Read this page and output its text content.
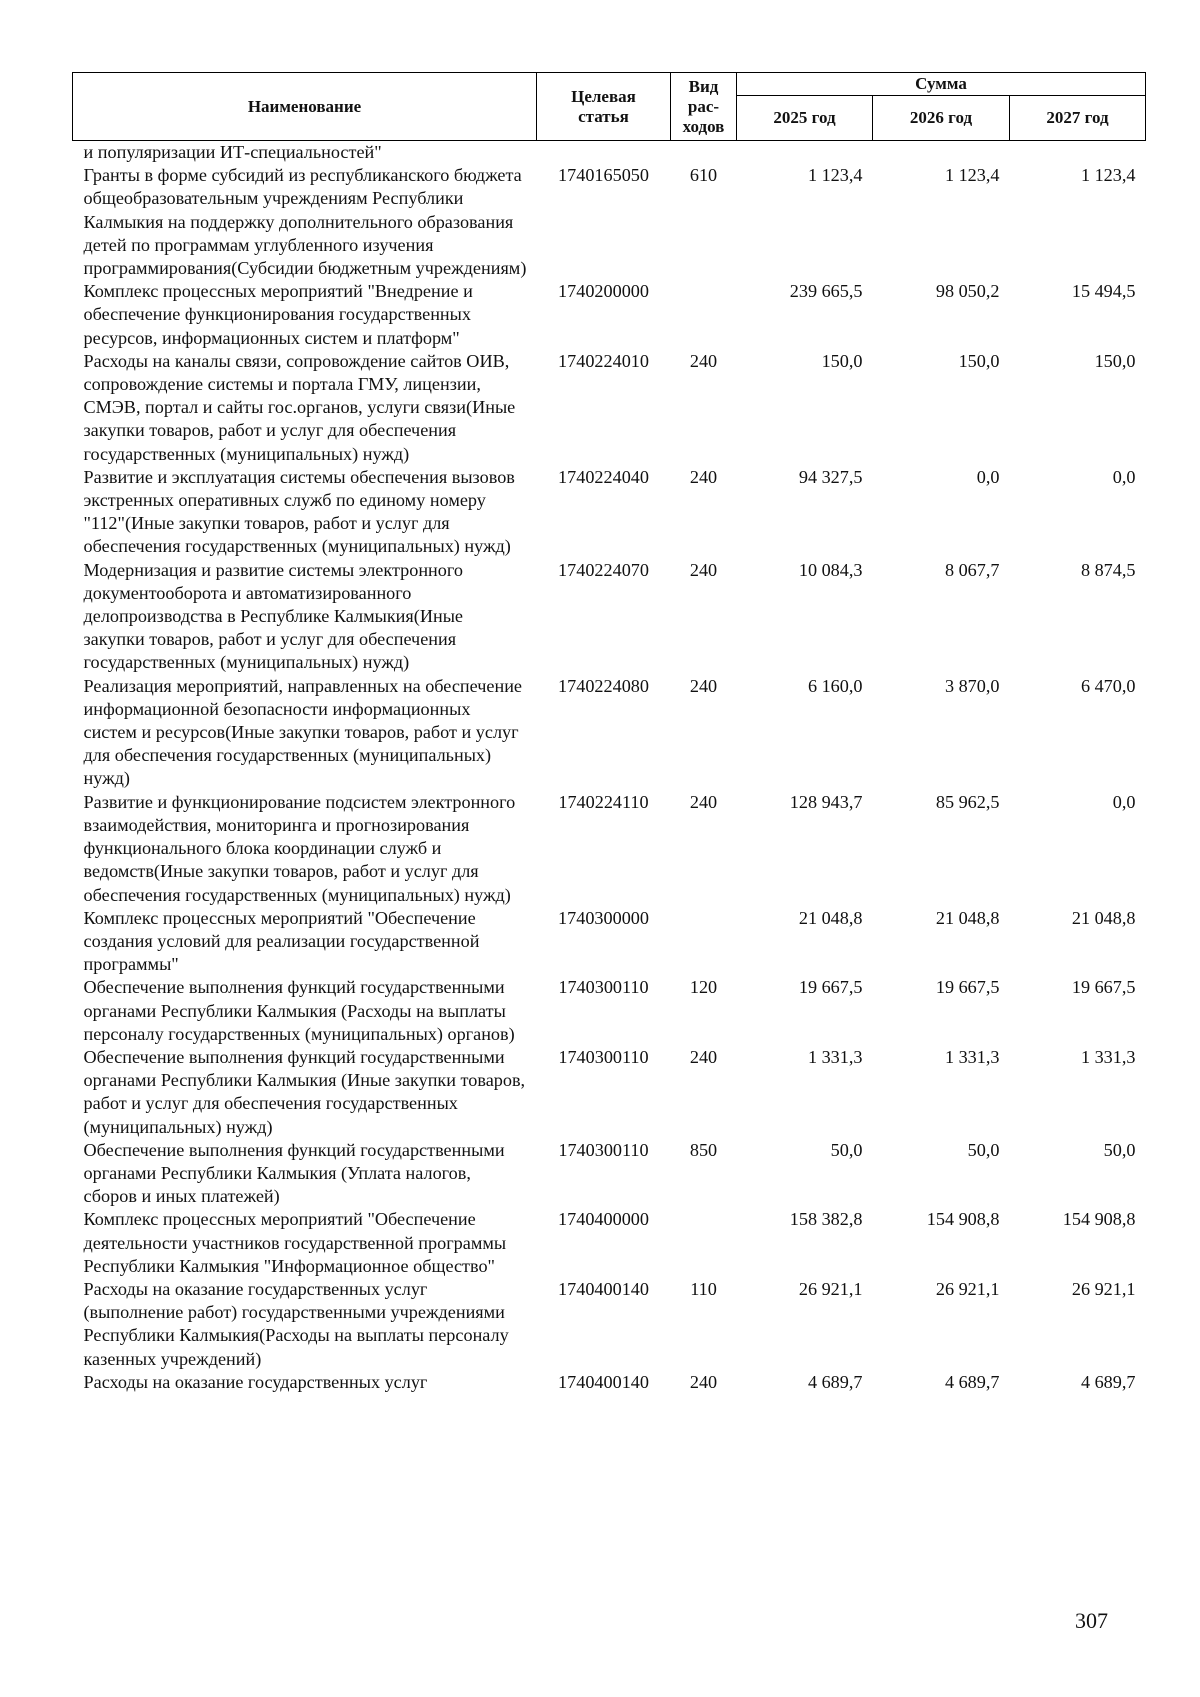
Наименование	Целевая статья	Вид рас-ходов	Сумма		
			2025 год	2026 год	2027 год
и популяризации ИТ-специальностей"					
Гранты в форме субсидий из республиканского бюджета общеобразовательным учреждениям Республики Калмыкия на поддержку дополнительного образования детей по программам углубленного изучения программирования(Субсидии бюджетным учреждениям)	1740165050	610	1 123,4	1 123,4	1 123,4
Комплекс процессных мероприятий "Внедрение и обеспечение функционирования государственных ресурсов, информационных систем и платформ"	1740200000		239 665,5	98 050,2	15 494,5
Расходы на каналы связи, сопровождение сайтов ОИВ, сопровождение системы и портала ГМУ, лицензии, СМЭВ, портал и сайты гос.органов, услуги связи(Иные закупки товаров, работ и услуг для обеспечения государственных (муниципальных) нужд)	1740224010	240	150,0	150,0	150,0
Развитие и эксплуатация системы обеспечения вызовов экстренных оперативных служб по единому номеру "112"(Иные закупки товаров, работ и услуг для обеспечения государственных (муниципальных) нужд)	1740224040	240	94 327,5	0,0	0,0
Модернизация и развитие системы электронного документооборота и автоматизированного делопроизводства в Республике Калмыкия(Иные закупки товаров, работ и услуг для обеспечения государственных (муниципальных) нужд)	1740224070	240	10 084,3	8 067,7	8 874,5
Реализация мероприятий, направленных на обеспечение информационной безопасности информационных систем и ресурсов(Иные закупки товаров, работ и услуг для обеспечения государственных (муниципальных) нужд)	1740224080	240	6 160,0	3 870,0	6 470,0
Развитие и функционирование подсистем электронного взаимодействия, мониторинга и прогнозирования функционального блока координации служб и ведомств(Иные закупки товаров, работ и услуг для обеспечения государственных (муниципальных) нужд)	1740224110	240	128 943,7	85 962,5	0,0
Комплекс процессных мероприятий "Обеспечение создания условий для реализации государственной программы"	1740300000		21 048,8	21 048,8	21 048,8
Обеспечение выполнения функций государственными органами Республики Калмыкия (Расходы на выплаты персоналу государственных (муниципальных) органов)	1740300110	120	19 667,5	19 667,5	19 667,5
Обеспечение выполнения функций государственными органами Республики Калмыкия (Иные закупки товаров, работ и услуг для обеспечения государственных (муниципальных) нужд)	1740300110	240	1 331,3	1 331,3	1 331,3
Обеспечение выполнения функций государственными органами Республики Калмыкия (Уплата налогов, сборов и иных платежей)	1740300110	850	50,0	50,0	50,0
Комплекс процессных мероприятий "Обеспечение деятельности участников государственной программы Республики Калмыкия "Информационное общество"	1740400000		158 382,8	154 908,8	154 908,8
Расходы на оказание государственных услуг (выполнение работ) государственными учреждениями Республики Калмыкия(Расходы на выплаты персоналу казенных учреждений)	1740400140	110	26 921,1	26 921,1	26 921,1
Расходы на оказание государственных услуг	1740400140	240	4 689,7	4 689,7	4 689,7
307
